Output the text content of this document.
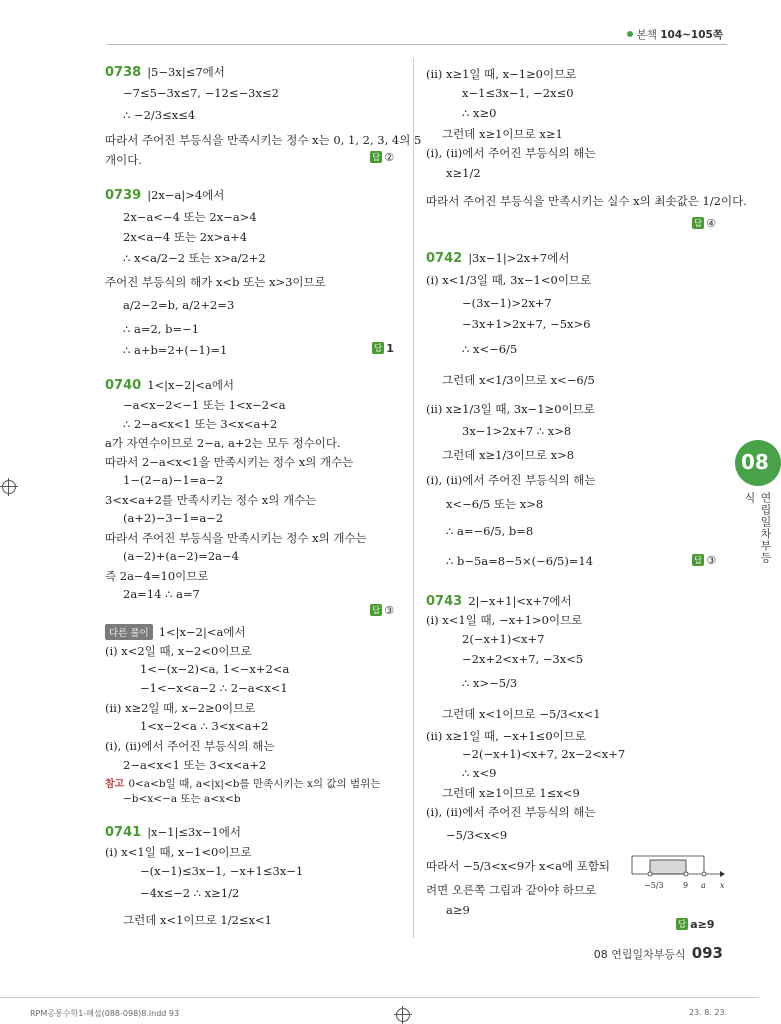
본책 104~105쪽
0738 |5−3x|≤7에서
−7≤5−3x≤7, −12≤−3x≤2
∴ −2/3≤x≤4
따라서 주어진 부등식을 만족시키는 정수 x는 0, 1, 2, 3, 4의 5
개이다.	답 ②
0739 |2x−a|>4에서
2x−a<−4 또는 2x−a>4
2x<a−4 또는 2x>a+4
∴ x<a/2−2 또는 x>a/2+2
주어진 부등식의 해가 x<b 또는 x>3이므로
a/2−2=b, a/2+2=3
∴ a=2, b=−1
∴ a+b=2+(−1)=1	답 1
0740 1<|x−2|<a에서
−a<x−2<−1 또는 1<x−2<a
∴ 2−a<x<1 또는 3<x<a+2
a가 자연수이므로 2−a, a+2는 모두 정수이다.
따라서 2−a<x<1을 만족시키는 정수 x의 개수는
1−(2−a)−1=a−2
3<x<a+2를 만족시키는 정수 x의 개수는
(a+2)−3−1=a−2
따라서 주어진 부등식을 만족시키는 정수 x의 개수는
(a−2)+(a−2)=2a−4
즉 2a−4=10이므로
2a=14 ∴ a=7
답 ③
다른 풀이 1<|x−2|<a에서
(ⅰ) x<2일 때, x−2<0이므로
1<−(x−2)<a, 1<−x+2<a
−1<−x<a−2 ∴ 2−a<x<1
(ⅱ) x≥2일 때, x−2≥0이므로
1<x−2<a ∴ 3<x<a+2
(ⅰ), (ⅱ)에서 주어진 부등식의 해는
2−a<x<1 또는 3<x<a+2
참고 0<a<b일 때, a<|x|<b를 만족시키는 x의 값의 범위는
−b<x<−a 또는 a<x<b
0741 |x−1|≤3x−1에서
(ⅰ) x<1일 때, x−1<0이므로
−(x−1)≤3x−1, −x+1≤3x−1
−4x≤−2 ∴ x≥1/2
그런데 x<1이므로 1/2≤x<1
(ⅱ) x≥1일 때, x−1≥0이므로
x−1≤3x−1, −2x≤0
∴ x≥0
그런데 x≥1이므로 x≥1
(ⅰ), (ⅱ)에서 주어진 부등식의 해는
x≥1/2
따라서 주어진 부등식을 만족시키는 실수 x의 최솟값은 1/2이다.
답 ④
0742 |3x−1|>2x+7에서
(ⅰ) x<1/3일 때, 3x−1<0이므로
−(3x−1)>2x+7
−3x+1>2x+7, −5x>6
∴ x<−6/5
그런데 x<1/3이므로 x<−6/5
(ⅱ) x≥1/3일 때, 3x−1≥0이므로
3x−1>2x+7 ∴ x>8
그런데 x≥1/3이므로 x>8
(ⅰ), (ⅱ)에서 주어진 부등식의 해는
x<−6/5 또는 x>8
∴ a=−6/5, b=8
∴ b−5a=8−5×(−6/5)=14	답 ③
0743 2|−x+1|<x+7에서
(ⅰ) x<1일 때, −x+1>0이므로
2(−x+1)<x+7
−2x+2<x+7, −3x<5
∴ x>−5/3
그런데 x<1이므로 −5/3<x<1
(ⅱ) x≥1일 때, −x+1≤0이므로
−2(−x+1)<x+7, 2x−2<x+7
∴ x<9
그런데 x≥1이므로 1≤x<9
(ⅰ), (ⅱ)에서 주어진 부등식의 해는
−5/3<x<9
따라서 −5/3<x<9가 x<a에 포함되
려면 오른쪽 그림과 같아야 하므로
a≥9
답 a≥9
−5/3 9 a x
08
연립일차부등식
08 연립일차부등식 093
RPM공통수학1-해설(088-098)8.indd 93	23. 8. 23.
